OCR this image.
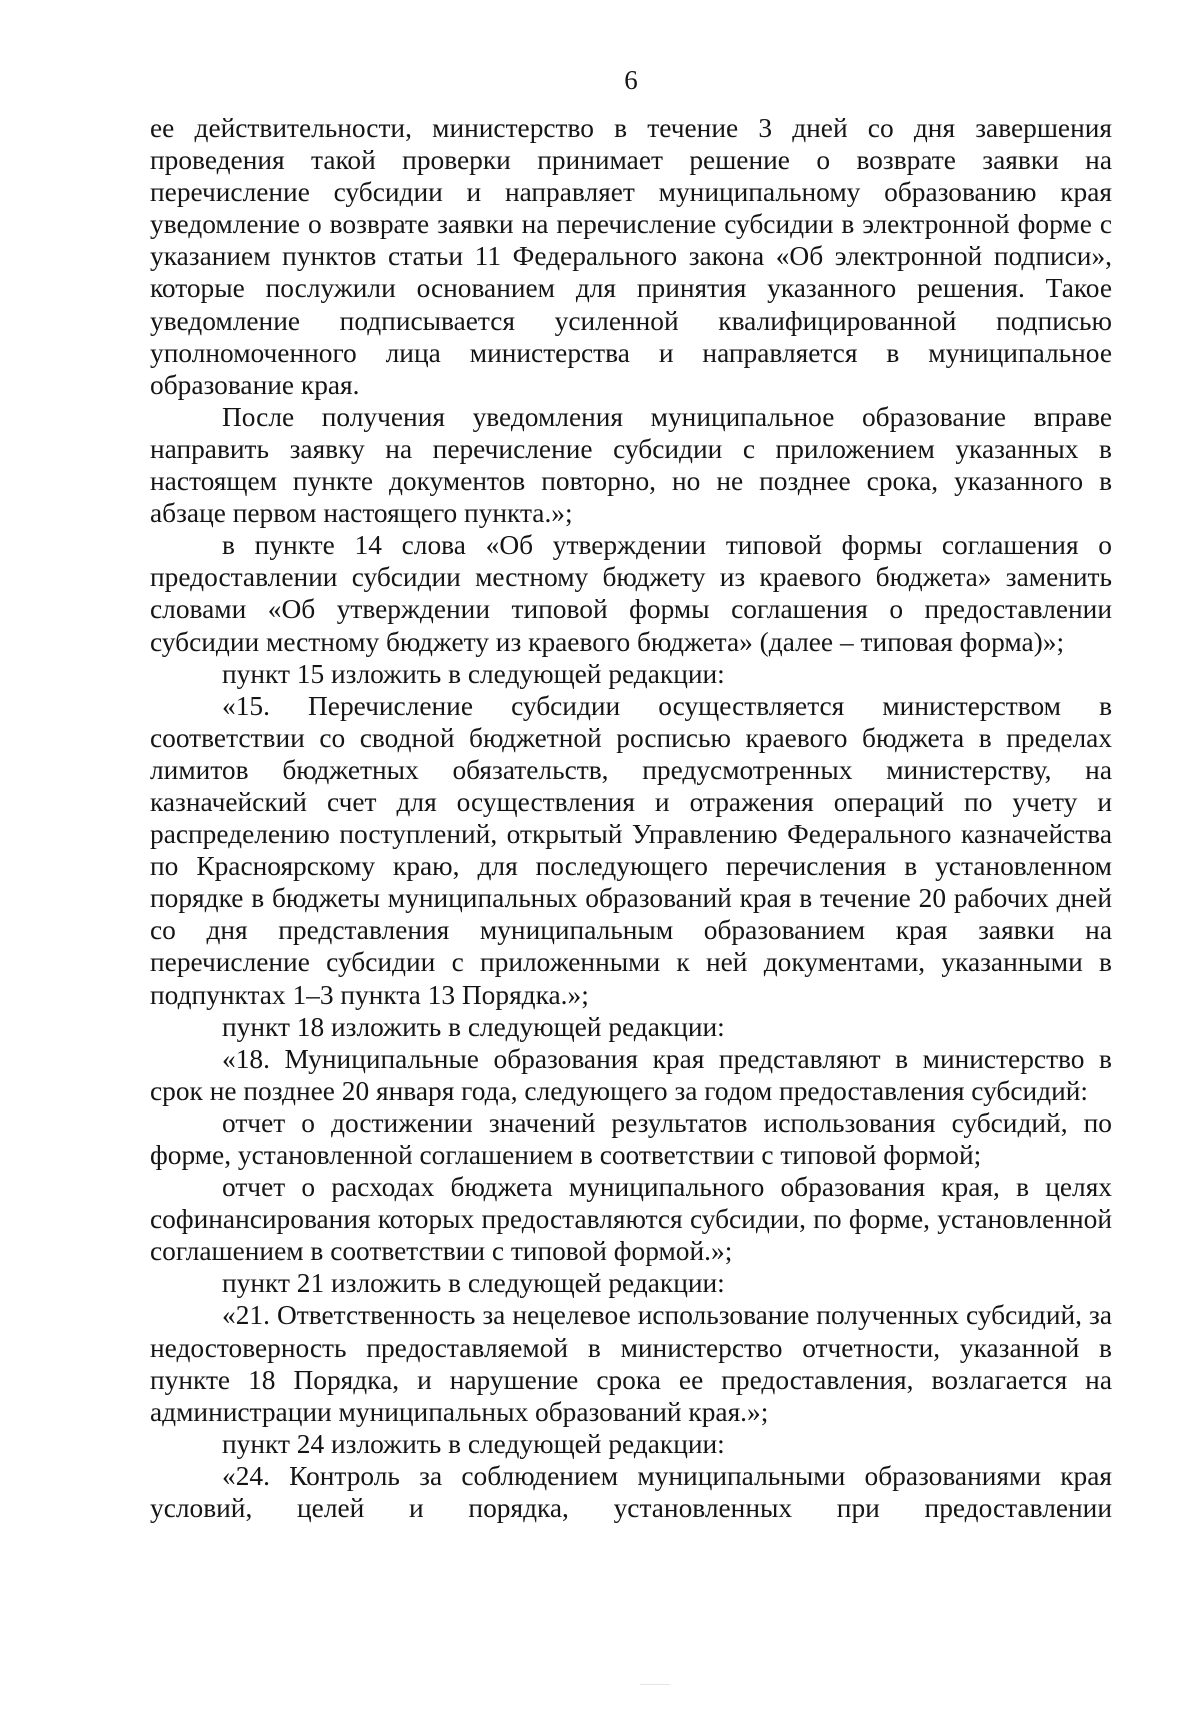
6

ее действительности, министерство в течение 3 дней со дня завершения проведения такой проверки принимает решение о возврате заявки на перечисление субсидии и направляет муниципальному образованию края уведомление о возврате заявки на перечисление субсидии в электронной форме с указанием пунктов статьи 11 Федерального закона «Об электронной подписи», которые послужили основанием для принятия указанного решения. Такое уведомление подписывается усиленной квалифицированной подписью уполномоченного лица министерства и направляется в муниципальное образование края.

После получения уведомления муниципальное образование вправе направить заявку на перечисление субсидии с приложением указанных в настоящем пункте документов повторно, но не позднее срока, указанного в абзаце первом настоящего пункта.»;

в пункте 14 слова «Об утверждении типовой формы соглашения о предоставлении субсидии местному бюджету из краевого бюджета» заменить словами «Об утверждении типовой формы соглашения о предоставлении субсидии местному бюджету из краевого бюджета» (далее – типовая форма)»;

пункт 15 изложить в следующей редакции:

«15. Перечисление субсидии осуществляется министерством в соответствии со сводной бюджетной росписью краевого бюджета в пределах лимитов бюджетных обязательств, предусмотренных министерству, на казначейский счет для осуществления и отражения операций по учету и распределению поступлений, открытый Управлению Федерального казначейства по Красноярскому краю, для последующего перечисления в установленном порядке в бюджеты муниципальных образований края в течение 20 рабочих дней со дня представления муниципальным образованием края заявки на перечисление субсидии с приложенными к ней документами, указанными в подпунктах 1–3 пункта 13 Порядка.»;

пункт 18 изложить в следующей редакции:

«18. Муниципальные образования края представляют в министерство в срок не позднее 20 января года, следующего за годом предоставления субсидий:

отчет о достижении значений результатов использования субсидий, по форме, установленной соглашением в соответствии с типовой формой;

отчет о расходах бюджета муниципального образования края, в целях софинансирования которых предоставляются субсидии, по форме, установленной соглашением в соответствии с типовой формой.»;

пункт 21 изложить в следующей редакции:

«21. Ответственность за нецелевое использование полученных субсидий, за недостоверность предоставляемой в министерство отчетности, указанной в пункте 18 Порядка, и нарушение срока ее предоставления, возлагается на администрации муниципальных образований края.»;

пункт 24 изложить в следующей редакции:

«24. Контроль за соблюдением муниципальными образованиями края условий, целей и порядка, установленных при предоставлении
